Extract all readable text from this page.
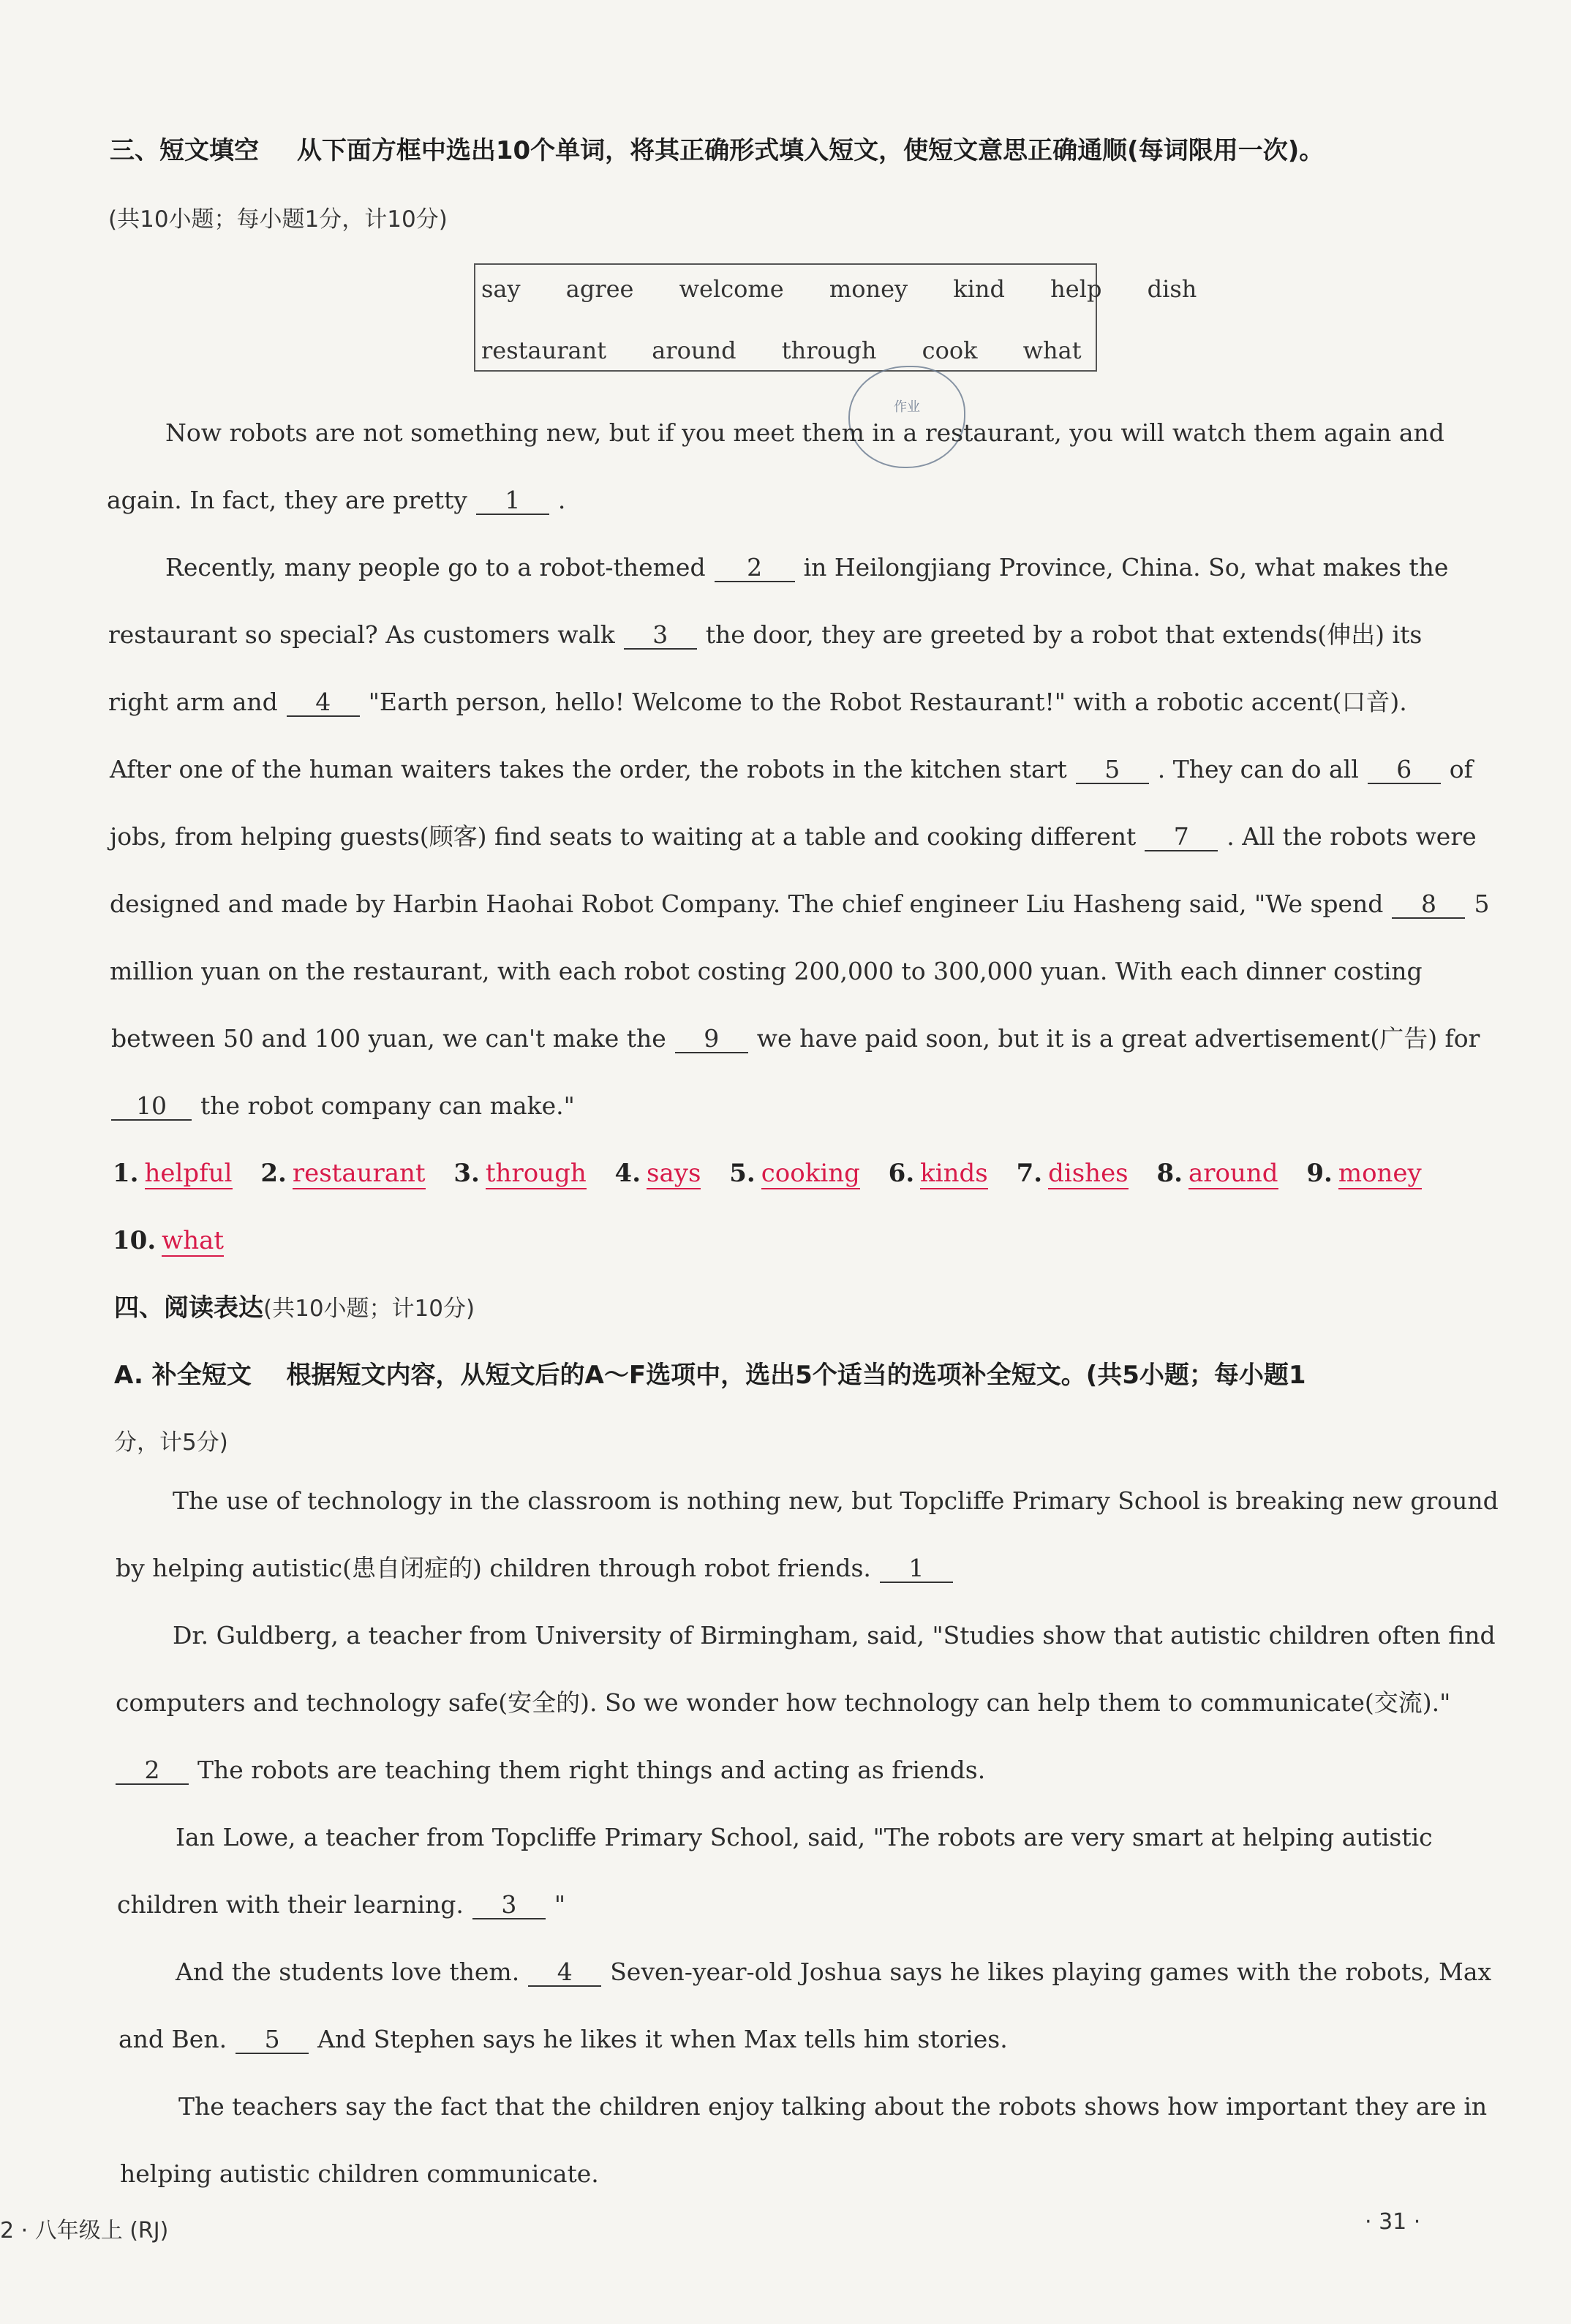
三、短文填空 从下面方框中选出10个单词，将其正确形式填入短文，使短文意思正确通顺(每词限用一次)。
(共10小题；每小题1分，计10分)
say agree welcome money kind help dish
restaurant around through cook what
作业
Now robots are not something new, but if you meet them in a restaurant, you will watch them again and
again. In fact, they are pretty 1 .
Recently, many people go to a robot-themed 2 in Heilongjiang Province, China. So, what makes the
restaurant so special? As customers walk 3 the door, they are greeted by a robot that extends(伸出) its
right arm and 4 "Earth person, hello! Welcome to the Robot Restaurant!" with a robotic accent(口音).
After one of the human waiters takes the order, the robots in the kitchen start 5 . They can do all 6 of
jobs, from helping guests(顾客) find seats to waiting at a table and cooking different 7 . All the robots were
designed and made by Harbin Haohai Robot Company. The chief engineer Liu Hasheng said, "We spend 8 5
million yuan on the restaurant, with each robot costing 200,000 to 300,000 yuan. With each dinner costing
between 50 and 100 yuan, we can't make the 9 we have paid soon, but it is a great advertisement(广告) for
10 the robot company can make."
1. helpful 2. restaurant 3. through 4. says 5. cooking 6. kinds 7. dishes 8. around 9. money
10. what
四、阅读表达(共10小题；计10分)
A. 补全短文 根据短文内容，从短文后的A～F选项中，选出5个适当的选项补全短文。(共5小题；每小题1
分，计5分)
The use of technology in the classroom is nothing new, but Topcliffe Primary School is breaking new ground
by helping autistic(患自闭症的) children through robot friends. 1
Dr. Guldberg, a teacher from University of Birmingham, said, "Studies show that autistic children often find
computers and technology safe(安全的). So we wonder how technology can help them to communicate(交流)."
2 The robots are teaching them right things and acting as friends.
Ian Lowe, a teacher from Topcliffe Primary School, said, "The robots are very smart at helping autistic
children with their learning. 3 "
And the students love them. 4 Seven-year-old Joshua says he likes playing games with the robots, Max
and Ben. 5 And Stephen says he likes it when Max tells him stories.
The teachers say the fact that the children enjoy talking about the robots shows how important they are in
helping autistic children communicate.
2 · 八年级上 (RJ)	· 31 ·
